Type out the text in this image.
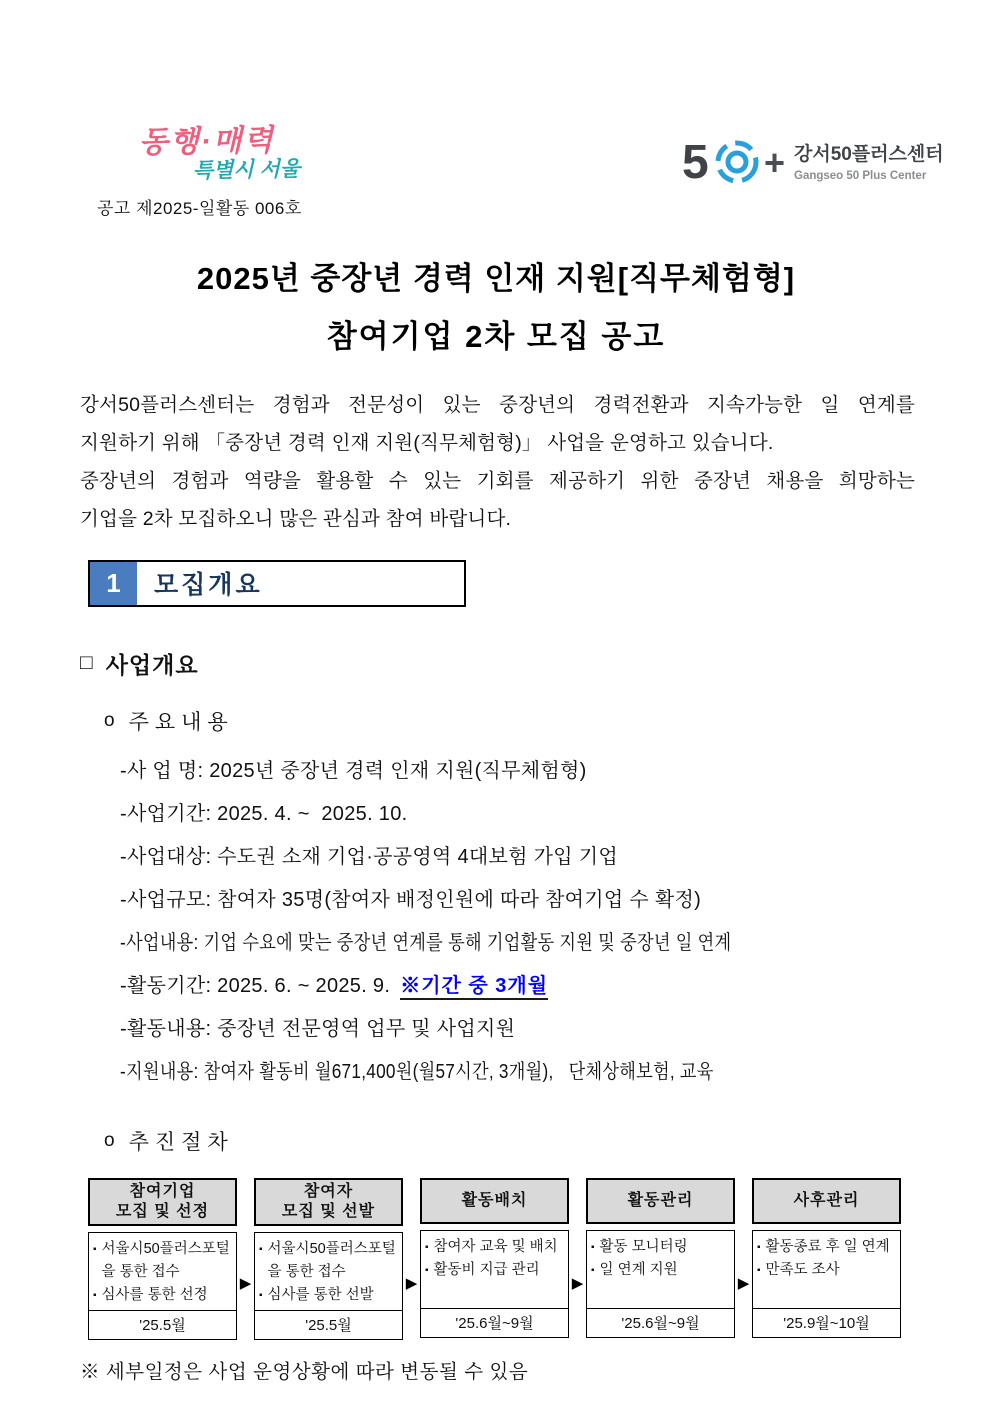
동행·매력
특별시 서울
공고 제2025-일활동 006호
5 + 강서50플러스센터
Gangseo 50 Plus Center
2025년 중장년 경력 인재 지원[직무체험형]
참여기업 2차 모집 공고
강서50플러스센터는 경험과 전문성이 있는 중장년의 경력전환과 지속가능한 일 연계를
지원하기 위해 「중장년 경력 인재 지원(직무체험형)」 사업을 운영하고 있습니다.
중장년의 경험과 역량을 활용할 수 있는 기회를 제공하기 위한 중장년 채용을 희망하는
기업을 2차 모집하오니 많은 관심과 참여 바랍니다.
1	모집개요
□ 사업개요
o 주요내용
-사 업 명: 2025년 중장년 경력 인재 지원(직무체험형)
-사업기간: 2025. 4. ~  2025. 10.
-사업대상: 수도권 소재 기업·공공영역 4대보험 가입 기업
-사업규모: 참여자 35명(참여자 배정인원에 따라 참여기업 수 확정)
-사업내용: 기업 수요에 맞는 중장년 연계를 통해 기업활동 지원 및 중장년 일 연계
-활동기간: 2025. 6. ~ 2025. 9. ※기간 중 3개월
-활동내용: 중장년 전문영역 업무 및 사업지원
-지원내용: 참여자 활동비 월671,400원(월57시간, 3개월),   단체상해보험, 교육
o 추진절차
참여기업
모집 및 선정
▪ 서울시50플러스포털을 통한 접수
▪ 심사를 통한 선정
'25.5월
▶
참여자
모집 및 선발
▪ 서울시50플러스포털을 통한 접수
▪ 심사를 통한 선발
'25.5월
▶
활동배치
▪ 참여자 교육 및 배치
▪ 활동비 지급 관리
'25.6월~9월
▶
활동관리
▪ 활동 모니터링
▪ 일 연계 지원
'25.6월~9월
▶
사후관리
▪ 활동종료 후 일 연계
▪ 만족도 조사
'25.9월~10월
※ 세부일정은 사업 운영상황에 따라 변동될 수 있음
